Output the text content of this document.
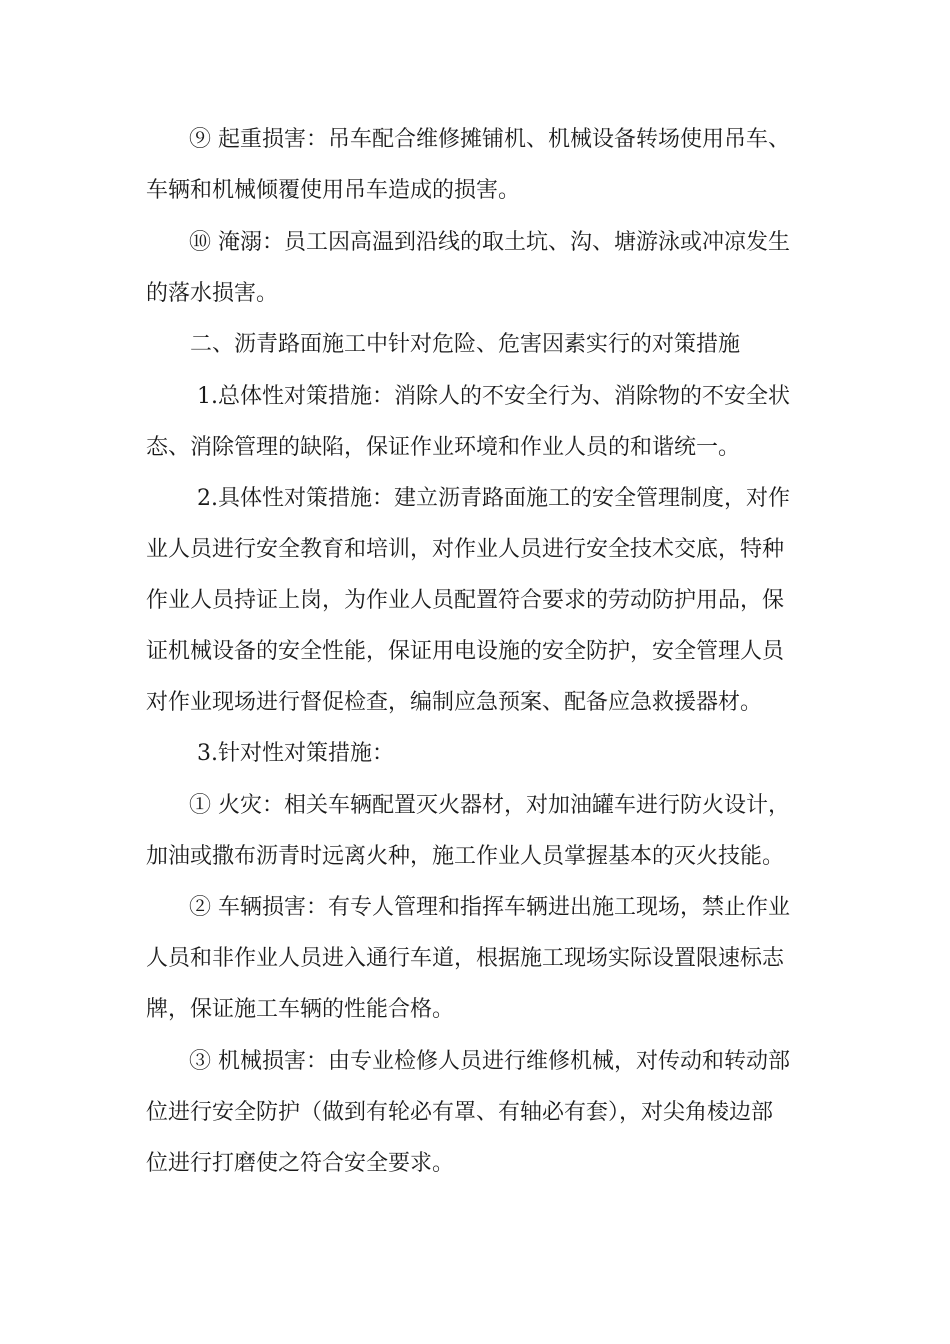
⑨ 起重损害：吊车配合维修摊铺机、机械设备转场使用吊车、
车辆和机械倾覆使用吊车造成的损害。
⑩ 淹溺：员工因高温到沿线的取土坑、沟、塘游泳或冲凉发生
的落水损害。
二、沥青路面施工中针对危险、危害因素实行的对策措施
1.总体性对策措施：消除人的不安全行为、消除物的不安全状
态、消除管理的缺陷，保证作业环境和作业人员的和谐统一。
2.具体性对策措施：建立沥青路面施工的安全管理制度，对作
业人员进行安全教育和培训，对作业人员进行安全技术交底，特种
作业人员持证上岗，为作业人员配置符合要求的劳动防护用品，保
证机械设备的安全性能，保证用电设施的安全防护，安全管理人员
对作业现场进行督促检查，编制应急预案、配备应急救援器材。
3.针对性对策措施：
① 火灾：相关车辆配置灭火器材，对加油罐车进行防火设计，
加油或撒布沥青时远离火种，施工作业人员掌握基本的灭火技能。
② 车辆损害：有专人管理和指挥车辆进出施工现场，禁止作业
人员和非作业人员进入通行车道，根据施工现场实际设置限速标志
牌，保证施工车辆的性能合格。
③ 机械损害：由专业检修人员进行维修机械，对传动和转动部
位进行安全防护（做到有轮必有罩、有轴必有套），对尖角棱边部
位进行打磨使之符合安全要求。
